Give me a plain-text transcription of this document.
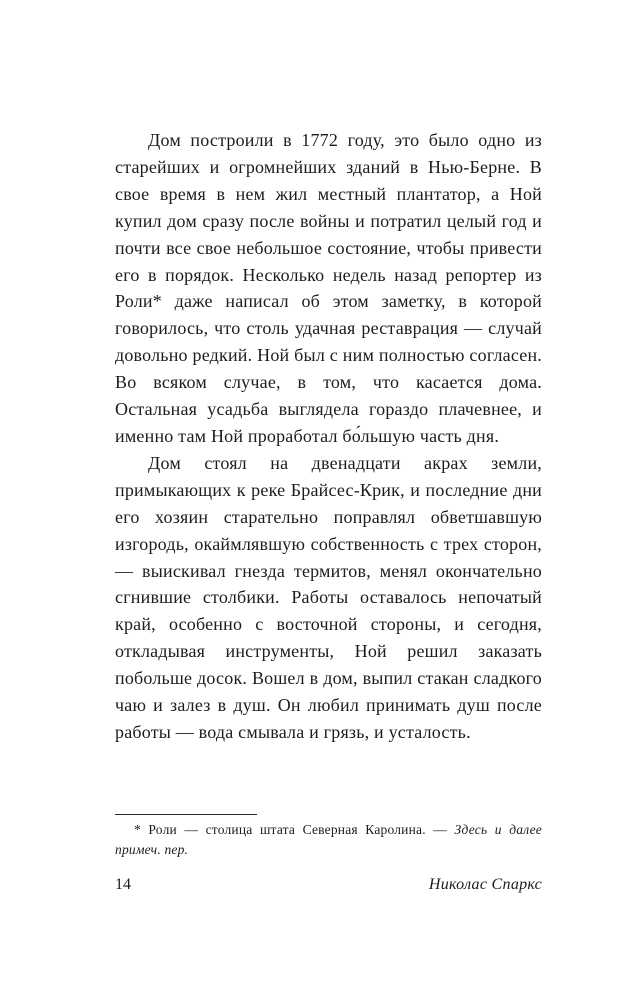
Дом построили в 1772 году, это было одно из старейших и огромнейших зданий в Нью-Берне. В свое время в нем жил местный плантатор, а Ной купил дом сразу после войны и потратил целый год и почти все свое небольшое состояние, чтобы привести его в порядок. Несколько недель назад репортер из Роли* даже написал об этом заметку, в которой говорилось, что столь удачная реставрация — случай довольно редкий. Ной был с ним полностью согласен. Во всяком случае, в том, что касается дома. Остальная усадьба выглядела гораздо плачевнее, и именно там Ной проработал бо́льшую часть дня.

Дом стоял на двенадцати акрах земли, примыкающих к реке Брайсес-Крик, и последние дни его хозяин старательно поправлял обветшавшую изгородь, окаймлявшую собственность с трех сторон, — выискивал гнезда термитов, менял окончательно сгнившие столбики. Работы оставалось непочатый край, особенно с восточной стороны, и сегодня, откладывая инструменты, Ной решил заказать побольше досок. Вошел в дом, выпил стакан сладкого чаю и залез в душ. Он любил принимать душ после работы — вода смывала и грязь, и усталость.

* Роли — столица штата Северная Каролина. — Здесь и далее примеч. пер.

14	Николас Спаркс
